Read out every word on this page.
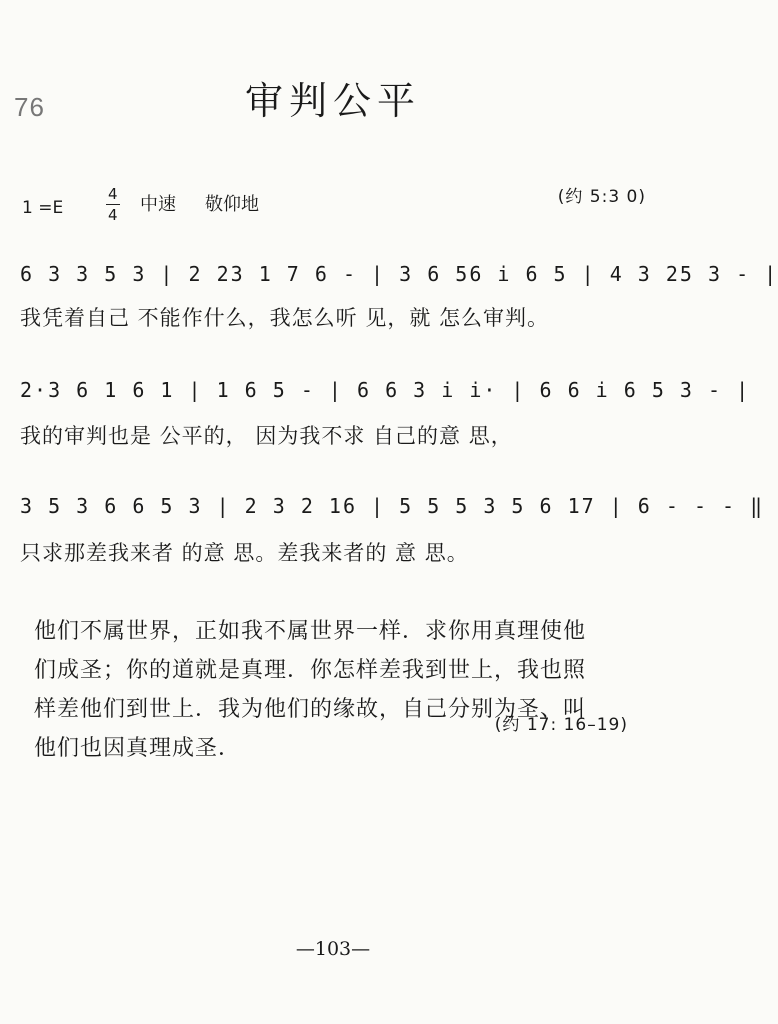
76	审判公平
1 =E
4
4 中速 敬仰地	(约 5:3 0)
6 3 3 5 3 | 2 23 1 7 6 - | 3 6 56 i 6 5 | 4 3 25 3 - |
我凭着自己 不能作什么，我怎么听 见，就 怎么审判。
2·3 6 1 6 1 | 1 6 5 - | 6 6 3 i i· | 6 6 i 6 5 3 - |
我的审判也是 公平的， 因为我不求 自己的意 思，
3 5 3 6 6 5 3 | 2 3 2 16 | 5 5 5 3 5 6 17 | 6 - - - ‖
只求那差我来者 的意 思。差我来者的 意 思。
他们不属世界，正如我不属世界一样．求你用真理使他
们成圣；你的道就是真理．你怎样差我到世上，我也照
样差他们到世上．我为他们的缘故，自己分别为圣、叫
他们也因真理成圣．
(约 17: 16–19)
—103—
